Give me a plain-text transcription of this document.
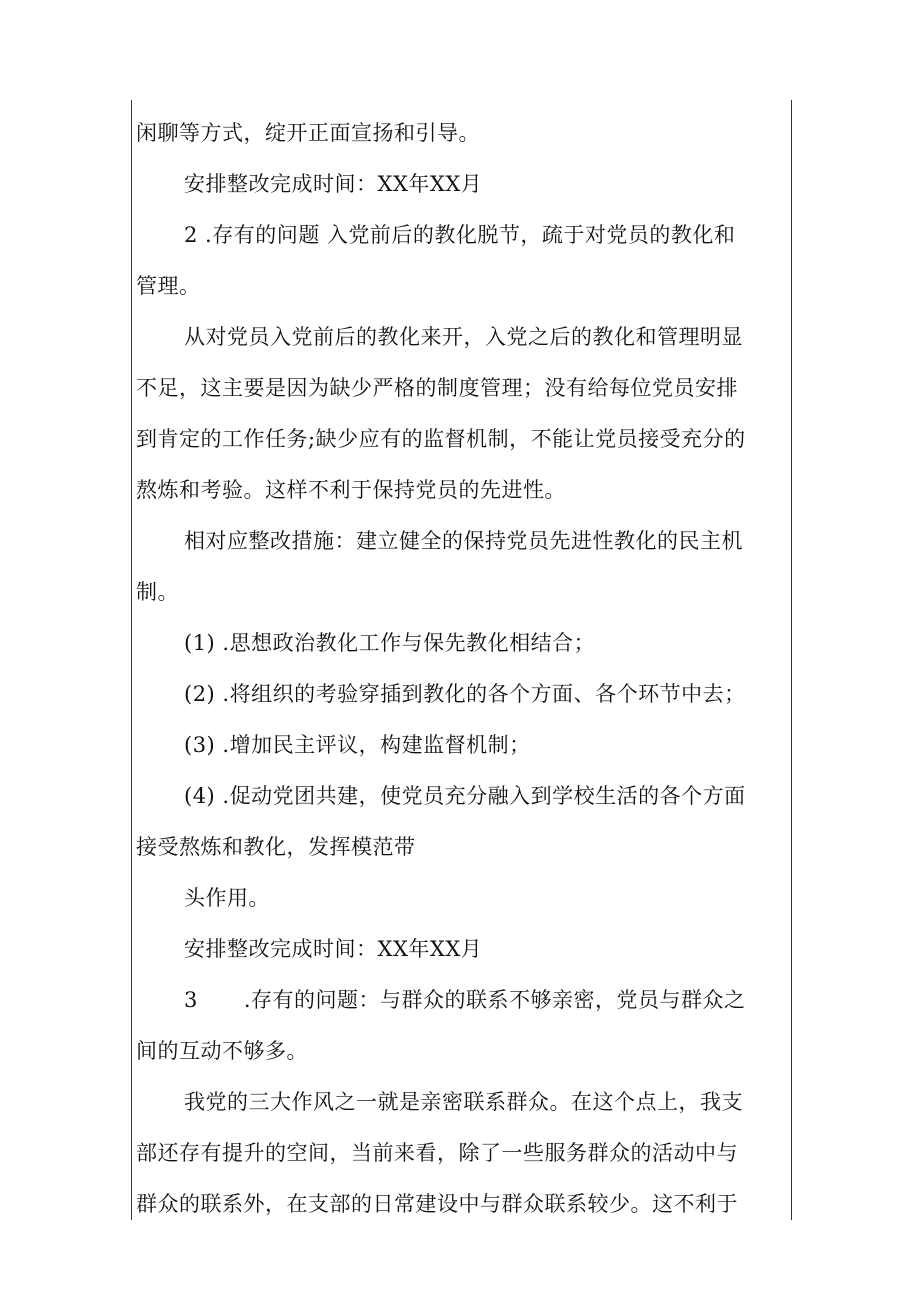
闲聊等方式，绽开正面宣扬和引导。

安排整改完成时间：XX年XX月

2 .存有的问题 入党前后的教化脱节，疏于对党员的教化和

管理。

从对党员入党前后的教化来开，入党之后的教化和管理明显

不足，这主要是因为缺少严格的制度管理；没有给每位党员安排

到肯定的工作任务;缺少应有的监督机制，不能让党员接受充分的

熬炼和考验。这样不利于保持党员的先进性。

相对应整改措施：建立健全的保持党员先进性教化的民主机

制。

(1) .思想政治教化工作与保先教化相结合；

(2) .将组织的考验穿插到教化的各个方面、各个环节中去；

(3) .增加民主评议，构建监督机制；

(4) .促动党团共建，使党员充分融入到学校生活的各个方面

接受熬炼和教化，发挥模范带

头作用。

安排整改完成时间：XX年XX月

3 .存有的问题：与群众的联系不够亲密，党员与群众之

间的互动不够多。

我党的三大作风之一就是亲密联系群众。在这个点上，我支

部还存有提升的空间，当前来看，除了一些服务群众的活动中与

群众的联系外，在支部的日常建设中与群众联系较少。这不利于
